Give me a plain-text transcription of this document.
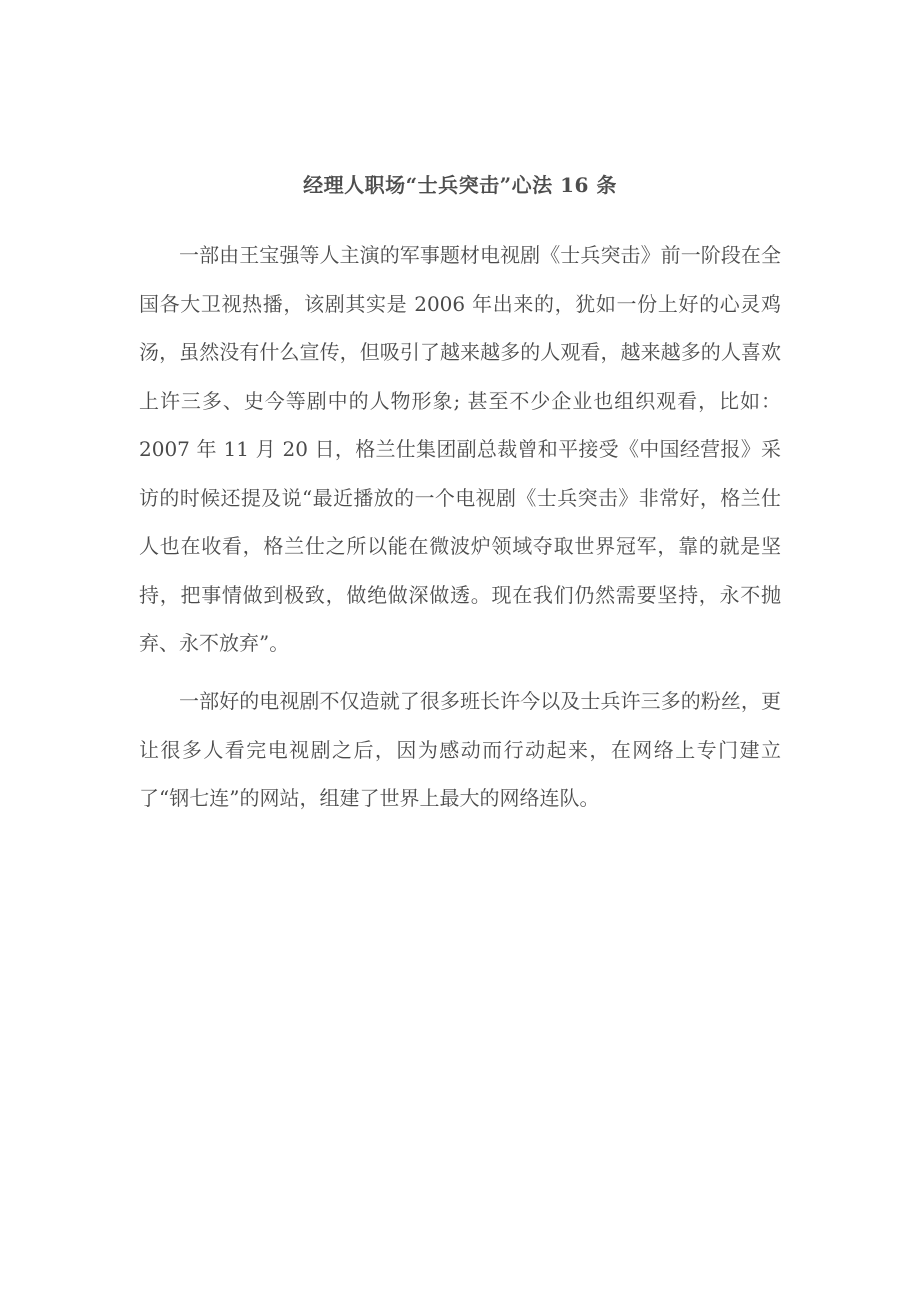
经理人职场“士兵突击”心法 16 条

一部由王宝强等人主演的军事题材电视剧《士兵突击》前一阶段在全国各大卫视热播，该剧其实是 2006 年出来的，犹如一份上好的心灵鸡汤，虽然没有什么宣传，但吸引了越来越多的人观看，越来越多的人喜欢上许三多、史今等剧中的人物形象; 甚至不少企业也组织观看，比如：2007 年 11 月 20 日，格兰仕集团副总裁曾和平接受《中国经营报》采访的时候还提及说“最近播放的一个电视剧《士兵突击》非常好，格兰仕人也在收看，格兰仕之所以能在微波炉领域夺取世界冠军，靠的就是坚持，把事情做到极致，做绝做深做透。现在我们仍然需要坚持，永不抛弃、永不放弃”。

一部好的电视剧不仅造就了很多班长许今以及士兵许三多的粉丝，更让很多人看完电视剧之后，因为感动而行动起来，在网络上专门建立了“钢七连”的网站，组建了世界上最大的网络连队。
